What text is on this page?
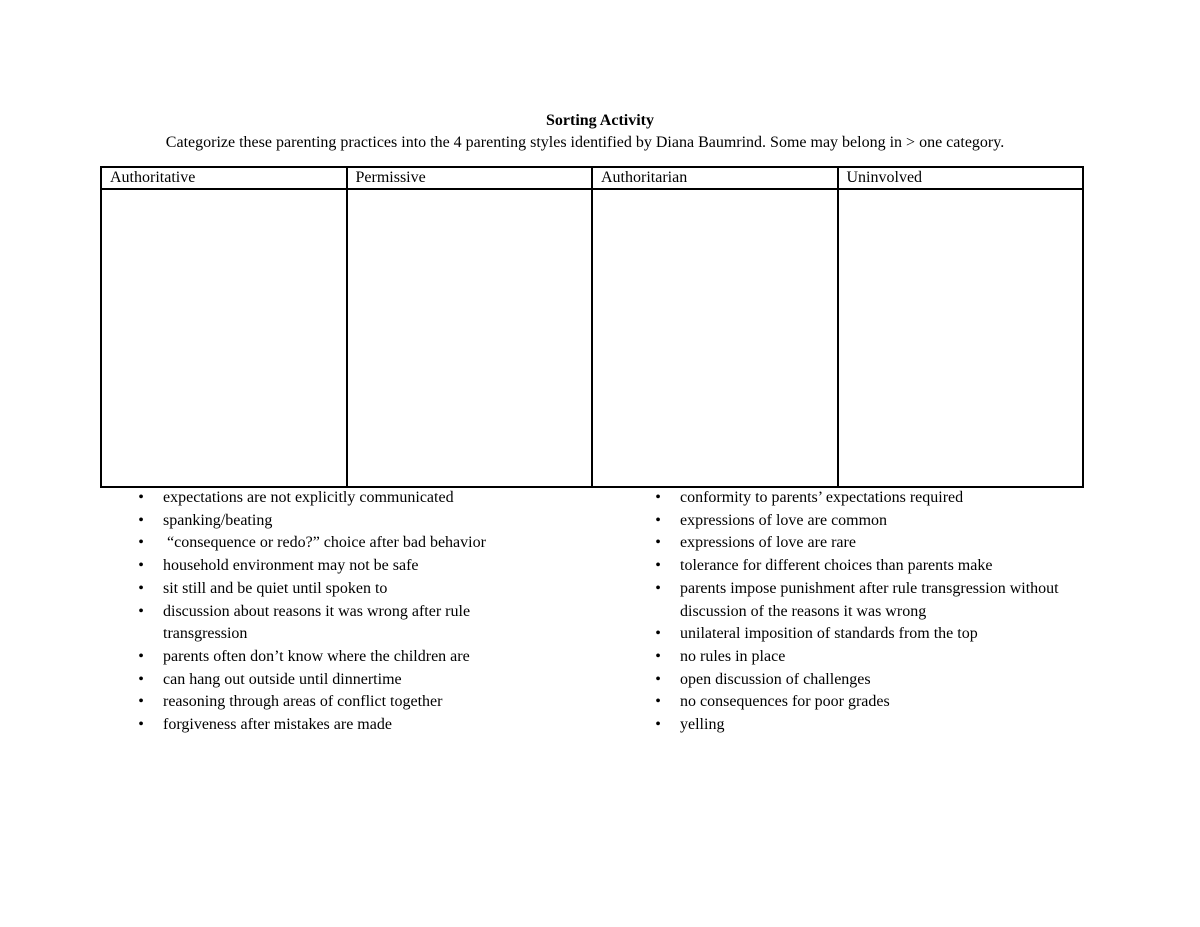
Sorting Activity
Categorize these parenting practices into the 4 parenting styles identified by Diana Baumrind. Some may belong in > one category.
Authoritative	Permissive	Authoritarian	Uninvolved

• expectations are not explicitly communicated
• spanking/beating
• “consequence or redo?” choice after bad behavior
• household environment may not be safe
• sit still and be quiet until spoken to
• discussion about reasons it was wrong after rule transgression
• parents often don’t know where the children are
• can hang out outside until dinnertime
• reasoning through areas of conflict together
• forgiveness after mistakes are made
• conformity to parents’ expectations required
• expressions of love are common
• expressions of love are rare
• tolerance for different choices than parents make
• parents impose punishment after rule transgression without discussion of the reasons it was wrong
• unilateral imposition of standards from the top
• no rules in place
• open discussion of challenges
• no consequences for poor grades
• yelling
